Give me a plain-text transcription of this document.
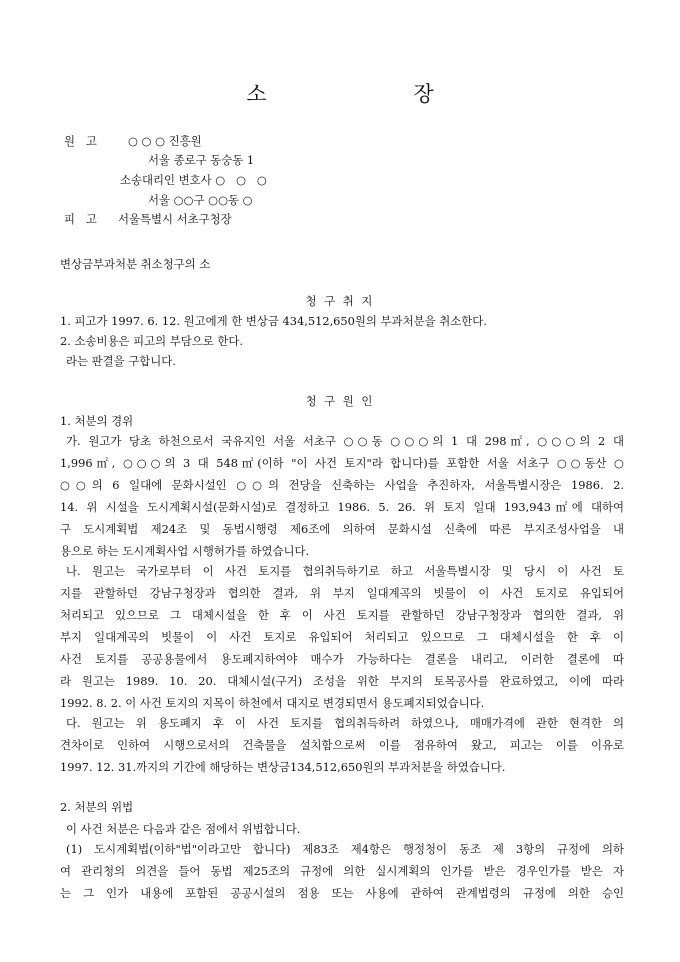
소 장
원   고	○ ○ ○ 진흥원
서울 종로구 동숭동 1
소송대리인 변호사 ○   ○   ○
서울 ○○구 ○○동 ○
피   고 서울특별시 서초구청장
변상금부과처분 취소청구의 소
청 구 취 지
1. 피고가 1997. 6. 12. 원고에게 한 변상금 434,512,650원의 부과처분을 취소한다.
2. 소송비용은 피고의 부담으로 한다.
라는 판결을 구합니다.
청 구 원 인
1. 처분의 경위
가. 원고가 당초 하천으로서 국유지인 서울 서초구 ○○동 ○○○의 1 대 298㎡, ○○○의 2 대
1,996㎡, ○○○의 3 대 548㎡(이하 "이 사건 토지"라 합니다)를 포함한 서울 서초구 ○○동산 ○
○○의 6 일대에 문화시설인 ○○의 전당을 신축하는 사업을 추진하자, 서울특별시장은 1986. 2.
14. 위 시설을 도시계획시설(문화시설)로 결정하고 1986. 5. 26. 위 토지 일대 193,943㎡에 대하여
구 도시계획법 제24조 및 동법시행령 제6조에 의하여 문화시설 신축에 따른 부지조성사업을 내
용으로 하는 도시계획사업 시행허가를 하였습니다.
나. 원고는 국가로부터 이 사건 토지를 협의취득하기로 하고 서울특별시장 및 당시 이 사건 토
지를 관할하던 강남구청장과 협의한 결과, 위 부지 일대계곡의 빗물이 이 사건 토지로 유입되어
처리되고 있으므로 그 대체시설을 한 후 이 사건 토지를 관할하던 강남구청장과 협의한 결과, 위
부지 일대계곡의 빗물이 이 사건 토지로 유입되어 처리되고 있으므로 그 대체시설을 한 후 이
사건 토지를 공공용물에서 용도폐지하여야 매수가 가능하다는 결론을 내리고, 이러한 결론에 따
라 원고는 1989. 10. 20. 대체시설(구거) 조성을 위한 부지의 토목공사를 완료하였고, 이에 따라
1992. 8. 2. 이 사건 토지의 지목이 하천에서 대지로 변경되면서 용도폐지되었습니다.
다. 원고는 위 용도폐지 후 이 사건 토지를 협의취득하려 하였으나, 매매가격에 관한 현격한 의
견차이로 인하여 시행으로서의 건축물을 설치함으로써 이를 점유하여 왔고, 피고는 이를 이유로
1997. 12. 31.까지의 기간에 해당하는 변상금134,512,650원의 부과처분을 하였습니다.
2. 처분의 위법
이 사건 처분은 다음과 같은 점에서 위법합니다.
(1) 도시계획법(이하"법"이라고만 합니다) 제83조 제4항은 행정청이 동조 제 3항의 규정에 의하
여 관리청의 의견을 들어 동법 제25조의 규정에 의한 실시계획의 인가를 받은 경우인가를 받은 자
는 그 인가 내용에 포함된 공공시설의 점용 또는 사용에 관하여 관계법령의 규정에 의한 승인
